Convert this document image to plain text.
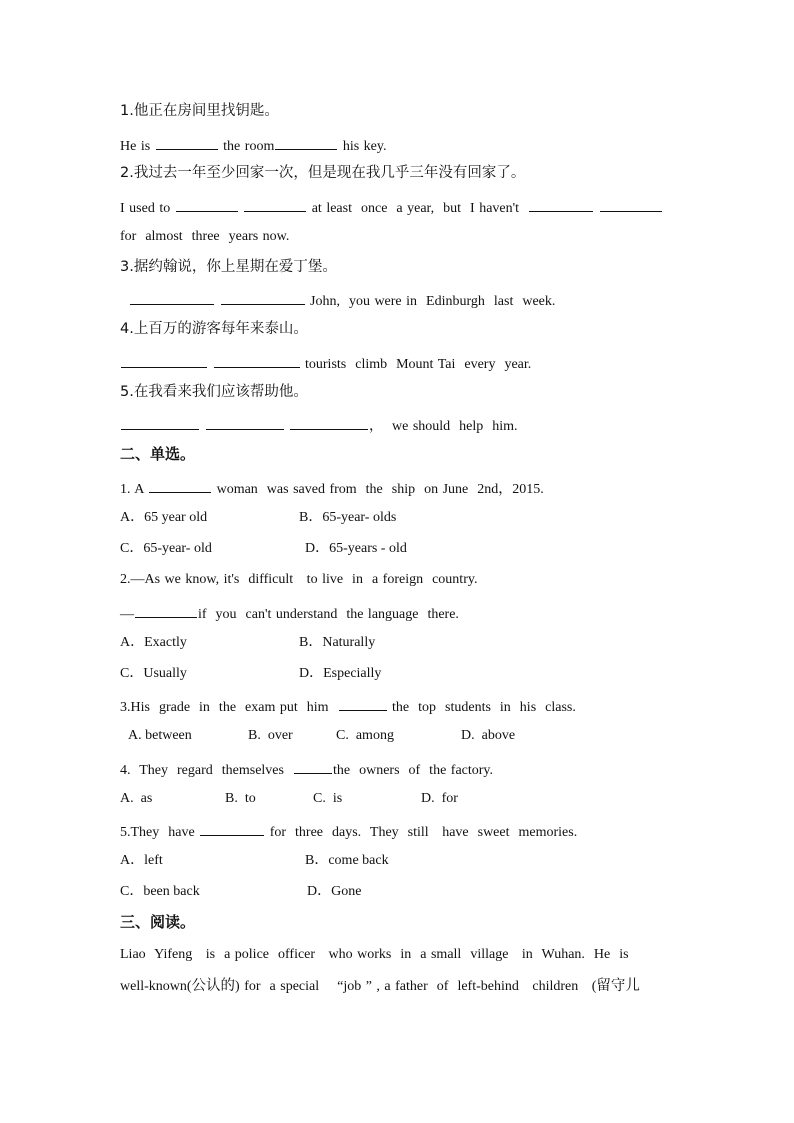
1.他正在房间里找钥匙。
He is	the room	his key.
2.我过去一年至少回家一次，但是现在我几乎三年没有回家了。
I used to	at least  once  a year,  but  I haven't
for  almost  three  years now.
3.据约翰说，你上星期在爱丁堡。
John,  you were in  Edinburgh  last  week.
4.上百万的游客每年来泰山。
tourists  climb  Mount Tai  every  year.
5.在我看来我们应该帮助他。
，  we should  help  him.
二、单选。
1. A	woman  was saved from  the  ship  on June  2nd，2015.
A．65 year old	B．65-year- olds
C．65-year- old	D．65-years - old
2.—As we know, it's  difficult   to live  in  a foreign  country.
—	if  you  can't understand  the language  there.
A．Exactly	B．Naturally
C．Usually	D．Especially
3.His  grade  in  the  exam put  him	the  top  students  in  his  class.
A. between	B.  over	C.  among	D.  above
4.  They  regard  themselves	the  owners  of  the factory.
A.  as	B.  to	C.  is	D.  for
5.They  have	for  three  days.  They  still   have  sweet  memories.
A．left	B．come back
C．been back	D．Gone
三、阅读。
Liao  Yifeng   is  a police  officer   who works  in  a small  village   in  Wuhan.  He  is
well-known(公认的) for  a special    “job ” , a father  of  left-behind   children   (留守儿
